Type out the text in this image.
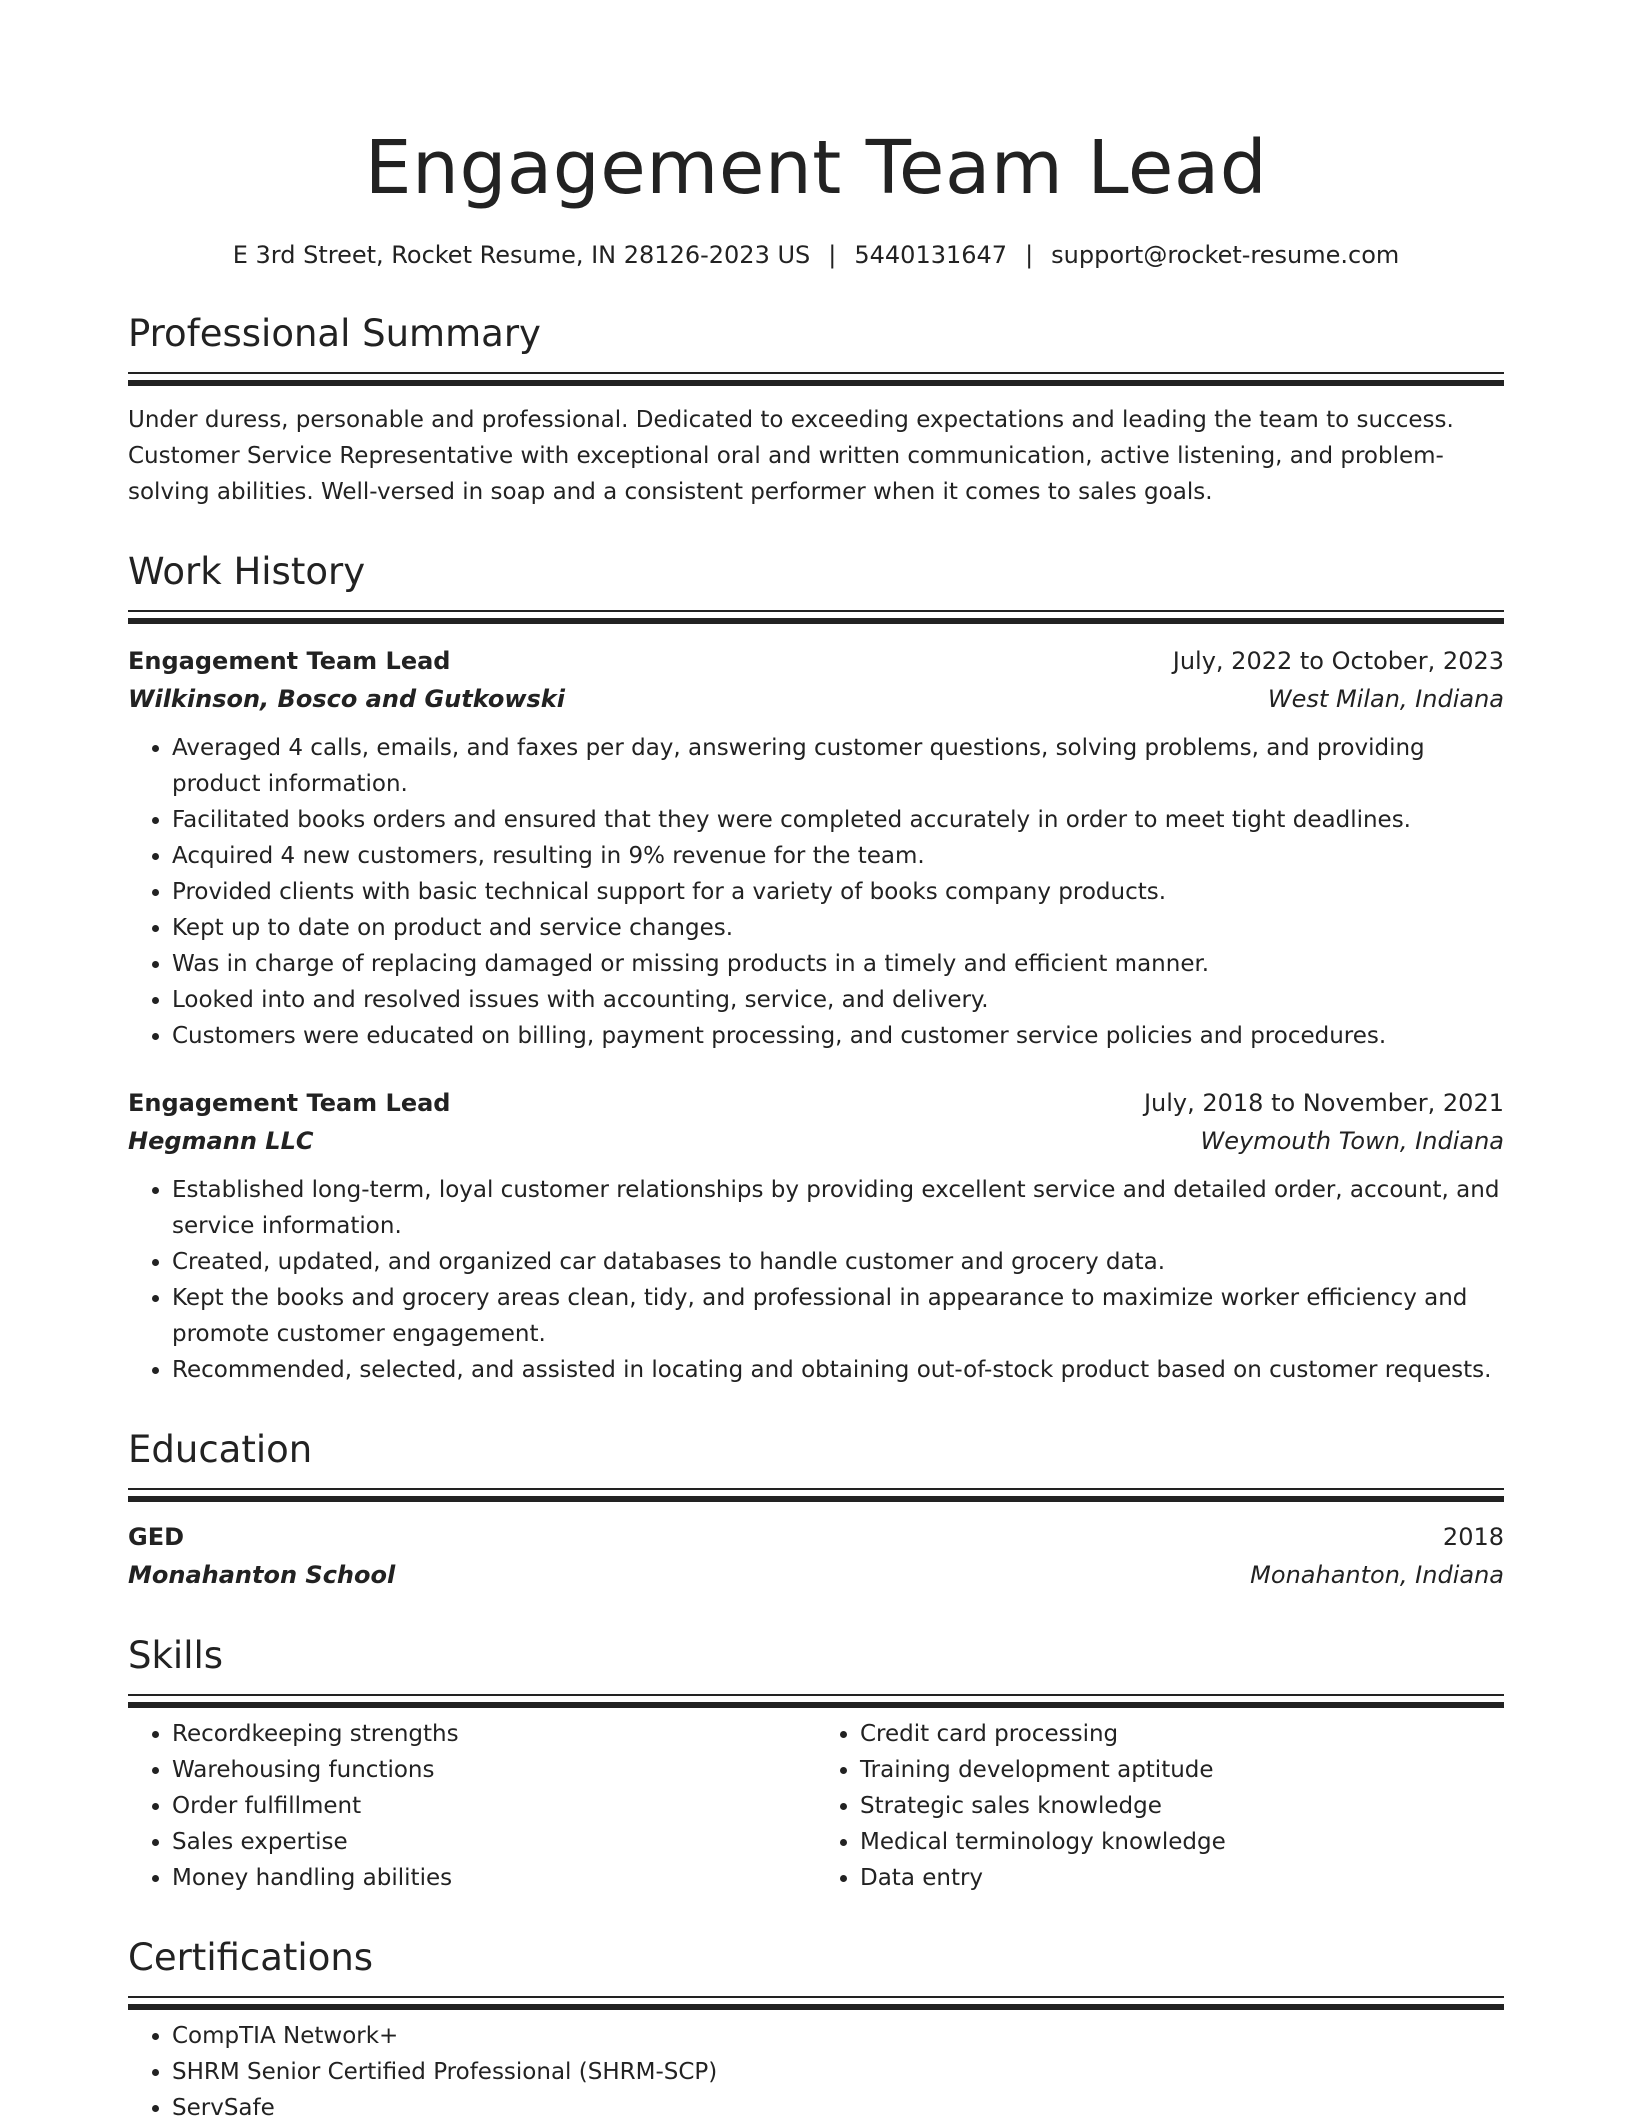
Engagement Team Lead
E 3rd Street, Rocket Resume, IN 28126-2023 US | 5440131647 | support@rocket-resume.com
Professional Summary
Under duress, personable and professional. Dedicated to exceeding expectations and leading the team to success. Customer Service Representative with exceptional oral and written communication, active listening, and problem-solving abilities. Well-versed in soap and a consistent performer when it comes to sales goals.
Work History
Engagement Team Lead	July, 2022 to October, 2023
Wilkinson, Bosco and Gutkowski	West Milan, Indiana
• Averaged 4 calls, emails, and faxes per day, answering customer questions, solving problems, and providing product information.
• Facilitated books orders and ensured that they were completed accurately in order to meet tight deadlines.
• Acquired 4 new customers, resulting in 9% revenue for the team.
• Provided clients with basic technical support for a variety of books company products.
• Kept up to date on product and service changes.
• Was in charge of replacing damaged or missing products in a timely and efficient manner.
• Looked into and resolved issues with accounting, service, and delivery.
• Customers were educated on billing, payment processing, and customer service policies and procedures.
Engagement Team Lead	July, 2018 to November, 2021
Hegmann LLC	Weymouth Town, Indiana
• Established long-term, loyal customer relationships by providing excellent service and detailed order, account, and service information.
• Created, updated, and organized car databases to handle customer and grocery data.
• Kept the books and grocery areas clean, tidy, and professional in appearance to maximize worker efficiency and promote customer engagement.
• Recommended, selected, and assisted in locating and obtaining out-of-stock product based on customer requests.
Education
GED	2018
Monahanton School	Monahanton, Indiana
Skills
• Recordkeeping strengths
• Warehousing functions
• Order fulfillment
• Sales expertise
• Money handling abilities
• Credit card processing
• Training development aptitude
• Strategic sales knowledge
• Medical terminology knowledge
• Data entry
Certifications
• CompTIA Network+
• SHRM Senior Certified Professional (SHRM-SCP)
• ServSafe
